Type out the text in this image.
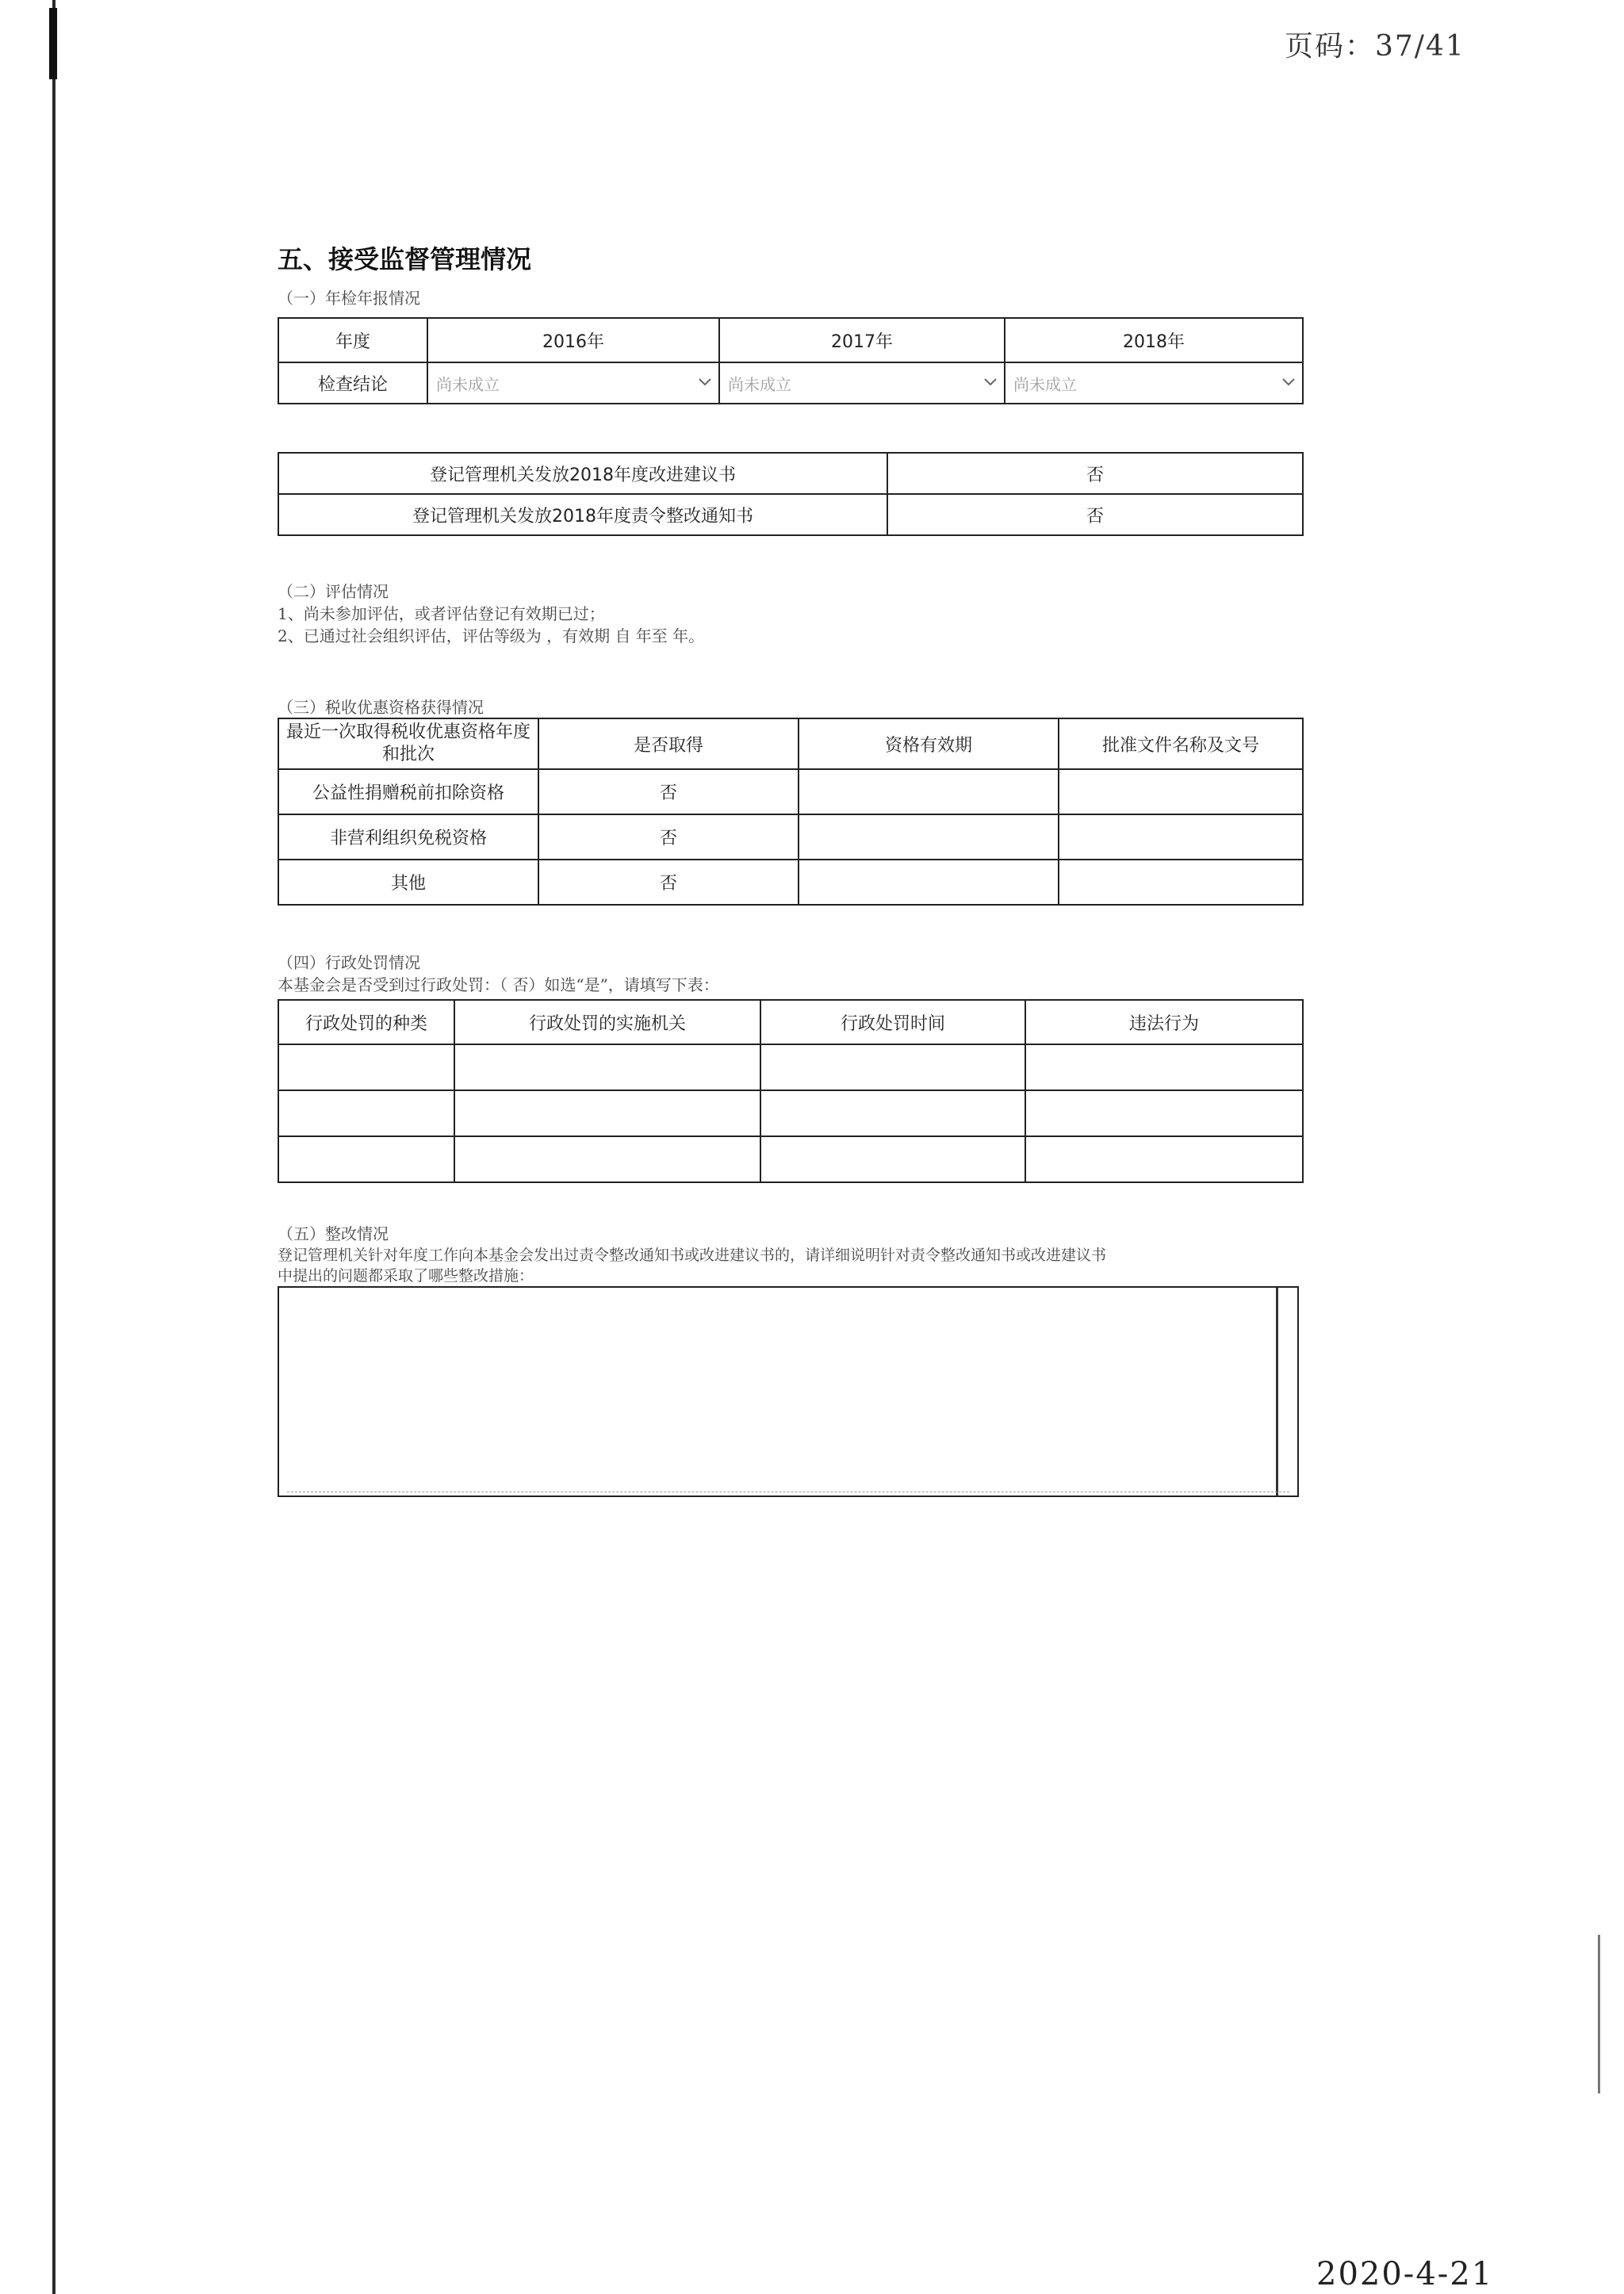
页码：37/41
五、接受监督管理情况
（一）年检年报情况
年度	2016年	2017年	2018年
检查结论	尚未成立	尚未成立	尚未成立
登记管理机关发放2018年度改进建议书	否
登记管理机关发放2018年度责令整改通知书	否
（二）评估情况
1、尚未参加评估，或者评估登记有效期已过；
2、已通过社会组织评估，评估等级为 ，有效期 自 年至 年。
（三）税收优惠资格获得情况
最近一次取得税收优惠资格年度和批次	是否取得	资格有效期	批准文件名称及文号
公益性捐赠税前扣除资格	否		
非营利组织免税资格	否		
其他	否		
（四）行政处罚情况
本基金会是否受到过行政处罚：（ 否）如选“是”，请填写下表：
行政处罚的种类	行政处罚的实施机关	行政处罚时间	违法行为

（五）整改情况
登记管理机关针对年度工作向本基金会发出过责令整改通知书或改进建议书的，请详细说明针对责令整改通知书或改进建议书
中提出的问题都采取了哪些整改措施：
2020-4-21
